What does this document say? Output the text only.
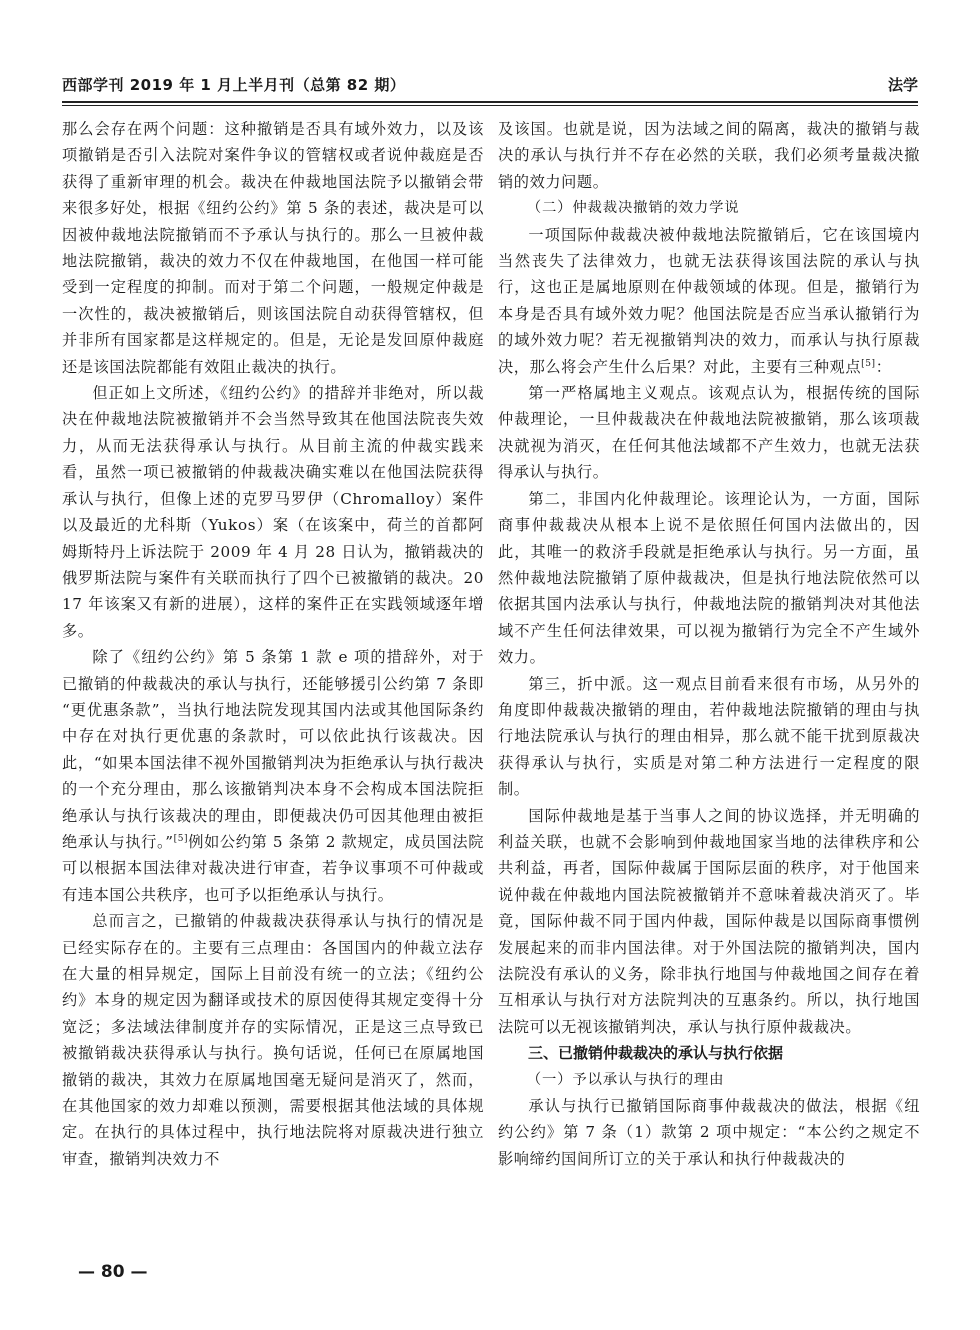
西部学刊 2019 年 1 月上半月刊（总第 82 期）	法学

那么会存在两个问题：这种撤销是否具有域外效力，以及该项撤销是否引入法院对案件争议的管辖权或者说仲裁庭是否获得了重新审理的机会。裁决在仲裁地国法院予以撤销会带来很多好处，根据《纽约公约》第 5 条的表述，裁决是可以因被仲裁地法院撤销而不予承认与执行的。那么一旦被仲裁地法院撤销，裁决的效力不仅在仲裁地国，在他国一样可能受到一定程度的抑制。而对于第二个问题，一般规定仲裁是一次性的，裁决被撤销后，则该国法院自动获得管辖权，但并非所有国家都是这样规定的。但是，无论是发回原仲裁庭还是该国法院都能有效阻止裁决的执行。

但正如上文所述，《纽约公约》的措辞并非绝对，所以裁决在仲裁地法院被撤销并不会当然导致其在他国法院丧失效力，从而无法获得承认与执行。从目前主流的仲裁实践来看，虽然一项已被撤销的仲裁裁决确实难以在他国法院获得承认与执行，但像上述的克罗马罗伊（Chromalloy）案件以及最近的尤科斯（Yukos）案（在该案中，荷兰的首都阿姆斯特丹上诉法院于 2009 年 4 月 28 日认为，撤销裁决的俄罗斯法院与案件有关联而执行了四个已被撤销的裁决。2017 年该案又有新的进展），这样的案件正在实践领域逐年增多。

除了《纽约公约》第 5 条第 1 款 e 项的措辞外，对于已撤销的仲裁裁决的承认与执行，还能够援引公约第 7 条即 “更优惠条款”，当执行地法院发现其国内法或其他国际条约中存在对执行更优惠的条款时，可以依此执行该裁决。因此，“如果本国法律不视外国撤销判决为拒绝承认与执行裁决的一个充分理由，那么该撤销判决本身不会构成本国法院拒绝承认与执行该裁决的理由，即便裁决仍可因其他理由被拒绝承认与执行。”[5]例如公约第 5 条第 2 款规定，成员国法院可以根据本国法律对裁决进行审查，若争议事项不可仲裁或有违本国公共秩序，也可予以拒绝承认与执行。

总而言之，已撤销的仲裁裁决获得承认与执行的情况是已经实际存在的。主要有三点理由：各国国内的仲裁立法存在大量的相异规定，国际上目前没有统一的立法；《纽约公约》本身的规定因为翻译或技术的原因使得其规定变得十分宽泛；多法域法律制度并存的实际情况，正是这三点导致已被撤销裁决获得承认与执行。换句话说，任何已在原属地国撤销的裁决，其效力在原属地国毫无疑问是消灭了，然而，在其他国家的效力却难以预测，需要根据其他法域的具体规定。在执行的具体过程中，执行地法院将对原裁决进行独立审查，撤销判决效力不

及该国。也就是说，因为法域之间的隔离，裁决的撤销与裁决的承认与执行并不存在必然的关联，我们必须考量裁决撤销的效力问题。

（二）仲裁裁决撤销的效力学说

一项国际仲裁裁决被仲裁地法院撤销后，它在该国境内当然丧失了法律效力，也就无法获得该国法院的承认与执行，这也正是属地原则在仲裁领域的体现。但是，撤销行为本身是否具有域外效力呢？他国法院是否应当承认撤销行为的域外效力呢？若无视撤销判决的效力，而承认与执行原裁决，那么将会产生什么后果？对此，主要有三种观点[5]：

第一严格属地主义观点。该观点认为，根据传统的国际仲裁理论，一旦仲裁裁决在仲裁地法院被撤销，那么该项裁决就视为消灭，在任何其他法域都不产生效力，也就无法获得承认与执行。

第二，非国内化仲裁理论。该理论认为，一方面，国际商事仲裁裁决从根本上说不是依照任何国内法做出的，因此，其唯一的救济手段就是拒绝承认与执行。另一方面，虽然仲裁地法院撤销了原仲裁裁决，但是执行地法院依然可以依据其国内法承认与执行，仲裁地法院的撤销判决对其他法域不产生任何法律效果，可以视为撤销行为完全不产生域外效力。

第三，折中派。这一观点目前看来很有市场，从另外的角度即仲裁裁决撤销的理由，若仲裁地法院撤销的理由与执行地法院承认与执行的理由相异，那么就不能干扰到原裁决获得承认与执行，实质是对第二种方法进行一定程度的限制。

国际仲裁地是基于当事人之间的协议选择，并无明确的利益关联，也就不会影响到仲裁地国家当地的法律秩序和公共利益，再者，国际仲裁属于国际层面的秩序，对于他国来说仲裁在仲裁地内国法院被撤销并不意味着裁决消灭了。毕竟，国际仲裁不同于国内仲裁，国际仲裁是以国际商事惯例发展起来的而非内国法律。对于外国法院的撤销判决，国内法院没有承认的义务，除非执行地国与仲裁地国之间存在着互相承认与执行对方法院判决的互惠条约。所以，执行地国法院可以无视该撤销判决，承认与执行原仲裁裁决。

三、已撤销仲裁裁决的承认与执行依据

（一）予以承认与执行的理由

承认与执行已撤销国际商事仲裁裁决的做法，根据《纽约公约》第 7 条（1）款第 2 项中规定：“本公约之规定不影响缔约国间所订立的关于承认和执行仲裁裁决的

— 80 —
